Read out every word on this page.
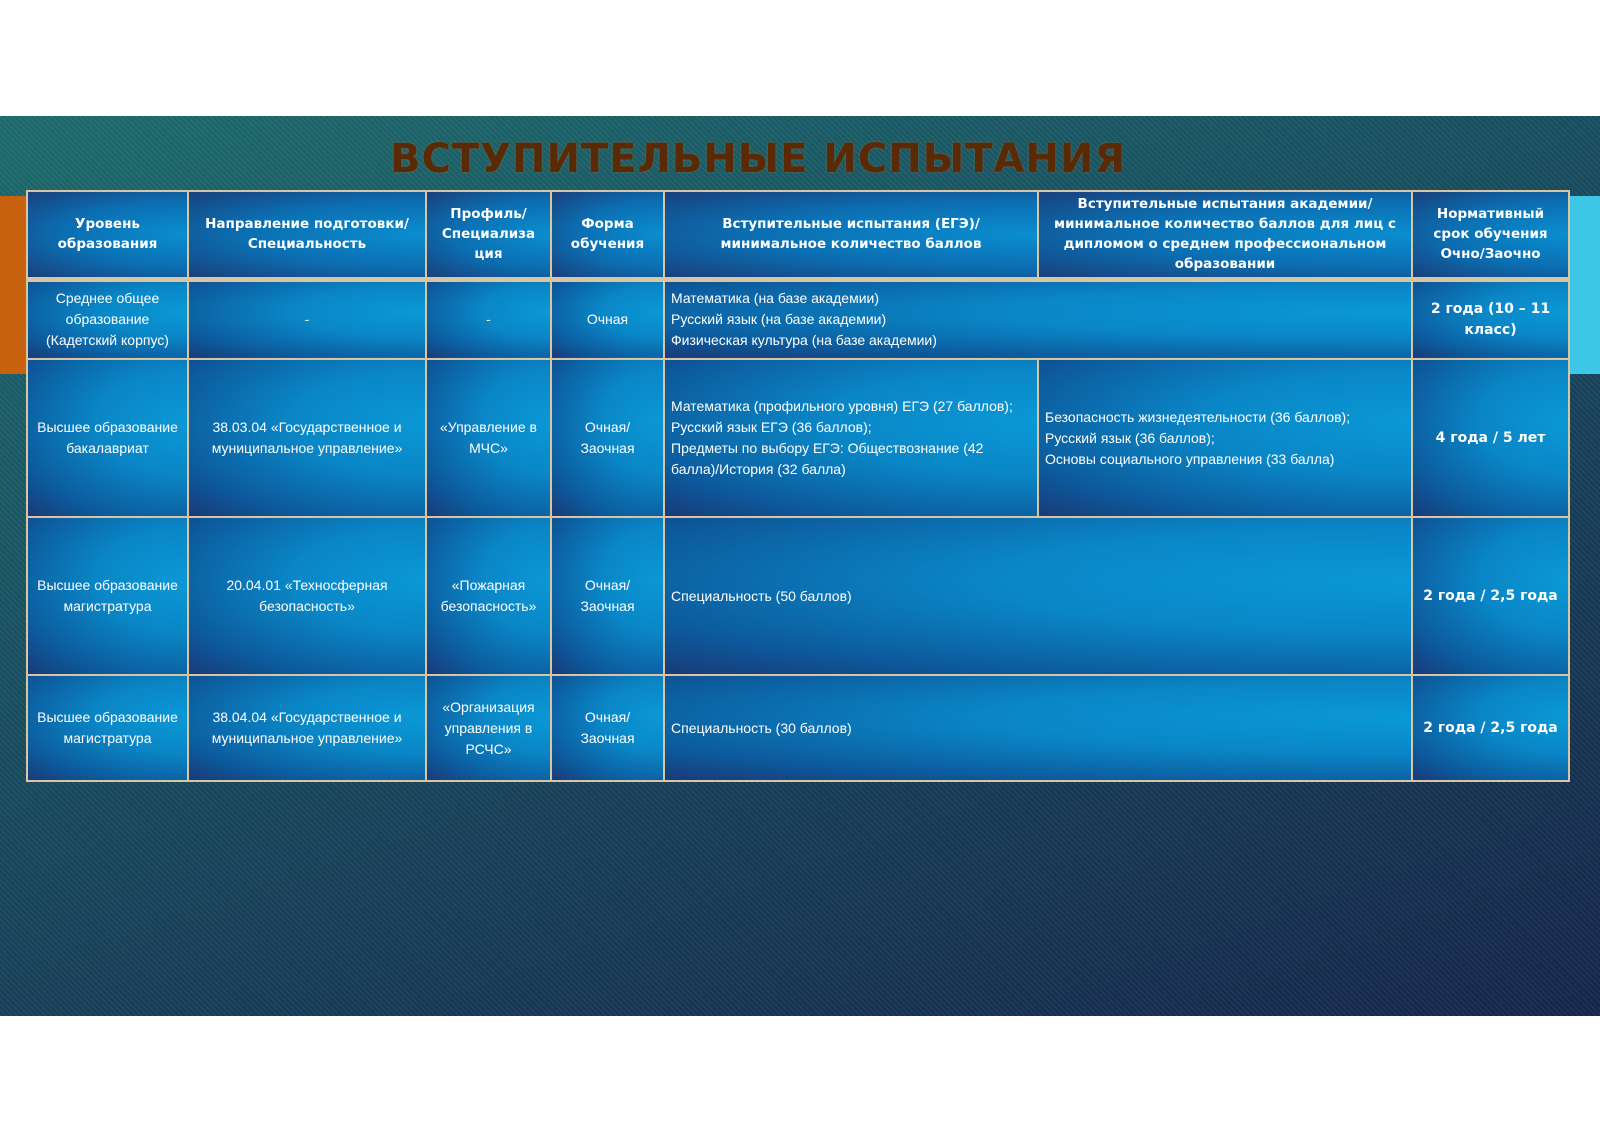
ВСТУПИТЕЛЬНЫЕ ИСПЫТАНИЯ
Уровень образования	Направление подготовки/ Специальность	Профиль/ Специализа ция	Форма обучения	Вступительные испытания (ЕГЭ)/ минимальное количество баллов	Вступительные испытания академии/ минимальное количество баллов для лиц с дипломом о среднем профессиональном образовании	Нормативный срок обучения Очно/Заочно
Среднее общее образование (Кадетский корпус)	-	-	Очная	Математика (на базе академии)
Русский язык (на базе академии)
Физическая культура (на базе академии)		2 года (10 – 11 класс)
Высшее образование бакалавриат	38.03.04 «Государственное и муниципальное управление»	«Управление в МЧС»	Очная/ Заочная	Математика (профильного уровня) ЕГЭ (27 баллов);
Русский язык ЕГЭ (36 баллов);
Предметы по выбору ЕГЭ: Обществознание (42 балла)/История (32 балла)	Безопасность жизнедеятельности (36 баллов);
Русский язык (36 баллов);
Основы социального управления (33 балла)	4 года / 5 лет
Высшее образование магистратура	20.04.01 «Техносферная безопасность»	«Пожарная безопасность»	Очная/ Заочная	Специальность (50 баллов)		2 года / 2,5 года
Высшее образование магистратура	38.04.04 «Государственное и муниципальное управление»	«Организация управления в РСЧС»	Очная/ Заочная	Специальность (30 баллов)		2 года / 2,5 года
